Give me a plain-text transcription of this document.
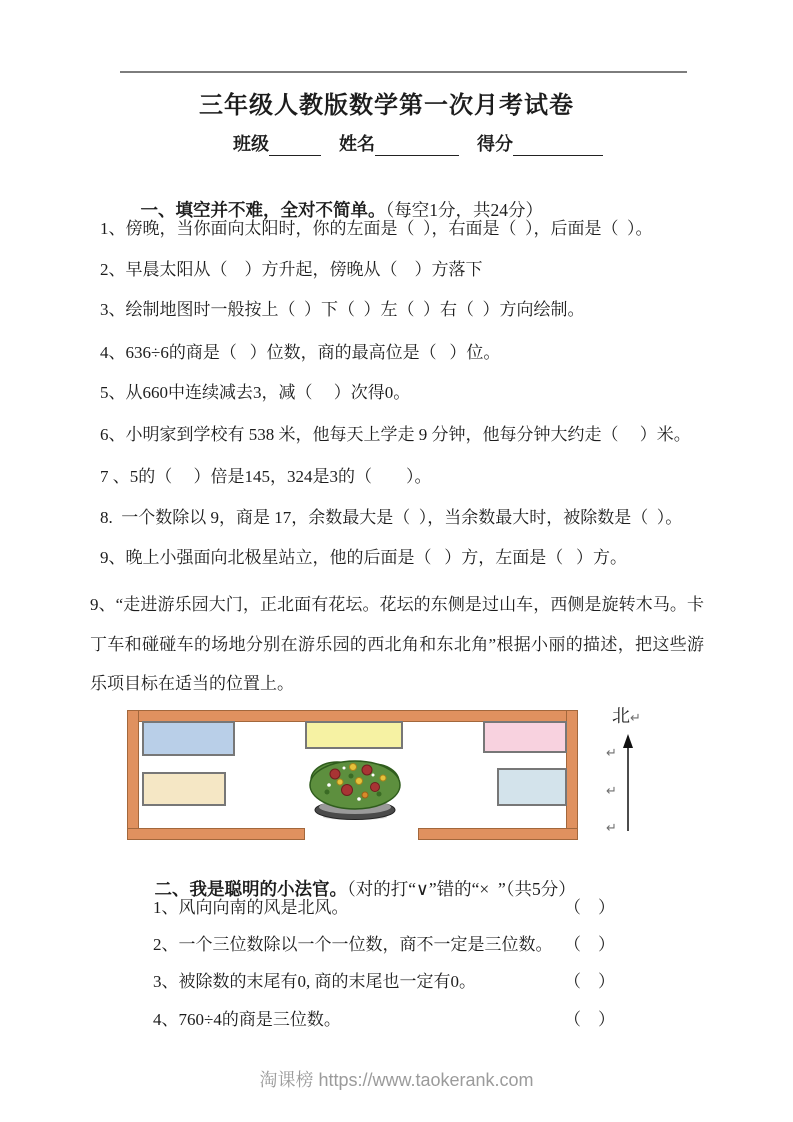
三年级人教版数学第一次月考试卷
班级	姓名	得分

一、填空并不难，全对不简单。（每空1分，共24分）

1、傍晚，当你面向太阳时，你的左面是（  ），右面是（  ），后面是（  ）。
2、早晨太阳从（    ）方升起，傍晚从（    ）方落下
3、绘制地图时一般按上（  ）下（  ）左（  ）右（  ）方向绘制。
4、636÷6的商是（   ）位数，商的最高位是（   ）位。
5、从660中连续减去3，减（     ）次得0。
6、小明家到学校有 538 米，他每天上学走 9 分钟，他每分钟大约走（     ）米。
7 、5的（     ）倍是145，324是3的（        ）。
8.  一个数除以 9，商是 17，余数最大是（  ），当余数最大时，被除数是（  ）。
9、晚上小强面向北极星站立，他的后面是（   ）方，左面是（   ）方。
9、“走进游乐园大门，正北面有花坛。花坛的东侧是过山车，西侧是旋转木马。卡丁车和碰碰车的场地分别在游乐园的西北角和东北角”根据小丽的描述，把这些游乐项目标在适当的位置上。
北↵
↵
↵
↵

二、我是聪明的小法官。（对的打“∨”错的“×  ”（共5分）

1、风向向南的风是北风。	（　）
2、一个三位数除以一个一位数，商不一定是三位数。 （　）
3、被除数的末尾有0, 商的末尾也一定有0。	（　）
4、760÷4的商是三位数。	（　）
淘课榜 https://www.taokerank.com
